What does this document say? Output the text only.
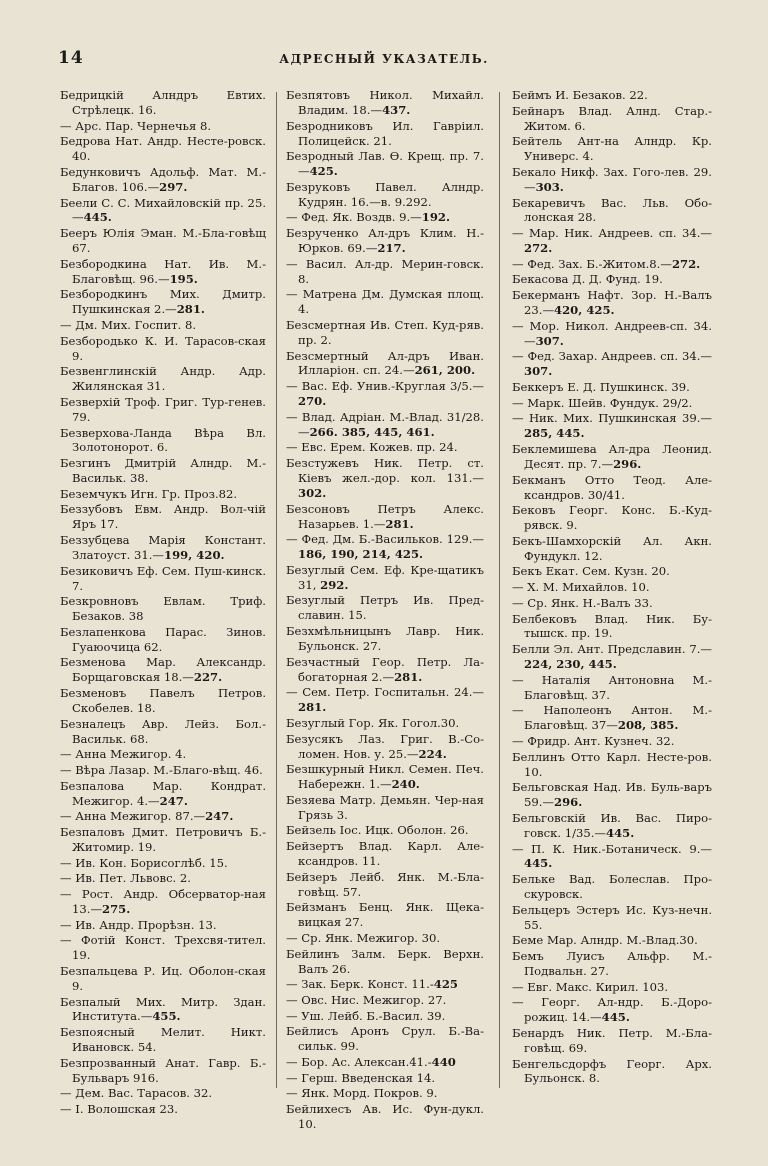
14	АДРЕСНЫЙ УКАЗАТЕЛЬ.

Бедрицкій Алндръ Евтих. Стрѣлецк. 16.

— Арс. Пар. Чернечья 8.

Бедрова Нат. Андр. Несте-ровск. 40.

Бедунковичъ Адольф. Мат. М.-Благов. 106.—297.

Беели С. С. Михайловскій пр. 25.—445.

Бееръ Юлія Эман. М.-Бла-говѣщ 67.

Безбородкина Нат. Ив. М.-Благовѣщ. 96.—195.

Безбородкинъ Мих. Дмитр. Пушкинская 2.—281.

— Дм. Мих. Госпит. 8.

Безбородько К. И. Тарасов-ская 9.

Безвенглинскій Андр. Адр. Жилянская 31.

Безверхій Троф. Григ. Тур-генев. 79.

Безверхова-Ланда Вѣра Вл. Золотонорот. 6.

Безгинъ Дмитрій Алндр. М.-Васильк. 38.

Беземчукъ Игн. Гр. Проз.82.

Беззубовъ Евм. Андр. Вол-чій Яръ 17.

Беззубцева Марія Констант. Златоуст. 31.—199, 420.

Безиковичъ Еф. Сем. Пуш-кинск. 7.

Безкровновъ Евлам. Триф. Безаков. 38

Безлапенкова Парас. Зинов. Гуаюочица 62.

Безменова Мар. Александр. Борщаговская 18.—227.

Безменовъ Павелъ Петров. Скобелев. 18.

Безналецъ Авр. Лейз. Бол.-Васильк. 68.

— Анна Межигор. 4.

— Вѣра Лазар. М.-Благо-вѣщ. 46.

Безпалова Мар. Кондрат. Межигор. 4.—247.

— Анна Межигор. 87.—247.

Безпаловъ Дмит. Петровичъ Б.-Житомир. 19.

— Ив. Кон. Борисоглѣб. 15.

— Ив. Пет. Львовс. 2.

— Рост. Андр. Обсерватор-ная 13.—275.

— Ив. Андр. Прорѣзн. 13.

— Фотій Конст. Трехсвя-тител. 19.

Безпальцева Р. Иц. Оболон-ская 9.

Безпалый Мих. Митр. Здан. Института.—455.

Безпоясный Мелит. Никт. Ивановск. 54.

Безпрозванный Анат. Гавр. Б.-Бульваръ 916.

— Дем. Вас. Тарасов. 32.

— I. Волошская 23.

Безпятовъ Никол. Михайл. Владим. 18.—437.

Безродниковъ Ил. Гаврiил. Полицейск. 21.

Безродный Лав. Ѳ. Крещ. пр. 7.—425.

Безруковъ Павел. Алндр. Кудрян. 16.—в. 9.292.

— Фед. Як. Воздв. 9.—192.

Безрученко Ал-дръ Клим. Н.-Юрков. 69.—217.

— Васил. Ал-др. Мерин-говск. 8.

— Матрена Дм. Думская площ. 4.

Безсмертная Ив. Степ. Куд-ряв. пр. 2.

Безсмертный Ал-дръ Иван. Илларіон. сп. 24.—261, 200.

— Вас. Еф. Унив.-Круглая 3/5.—270.

— Влад. Адріан. М.-Влад. 31/28.—266. 385, 445, 461.

— Евс. Ерем. Кожев. пр. 24.

Безстужевъ Ник. Петр. ст. Кіевъ жел.-дор. кол. 131.—302.

Безсоновъ Петръ Алекс. Назарьев. 1.—281.

— Фед. Дм. Б.-Васильков. 129.—186, 190, 214, 425.

Безуглый Сем. Еф. Кре-щатикъ 31, 292.

Безуглый Петръ Ив. Пред-славин. 15.

Безхмѣльницынъ Лавр. Ник. Бульонск. 27.

Безчастный Геор. Петр. Ла-богаторная 2.—281.

— Сем. Петр. Госпитальн. 24.—281.

Безуглый Гор. Як. Гогол.30.

Безусякъ Лаз. Григ. В.-Со-ломен. Нов. у. 25.—224.

Безшкурный Никл. Семен. Печ. Набережн. 1.—240.

Безяева Матр. Демьян. Чер-ная Грязь 3.

Бейзель Іос. Ицк. Оболон. 26.

Бейзертъ Влад. Карл. Але-ксандров. 11.

Бейзеръ Лейб. Янк. М.-Бла-говѣщ. 57.

Бейзманъ Бенц. Янк. Щека-вицкая 27.

— Ср. Янк. Межигор. 30.

Бейлинъ Залм. Берк. Верхн. Валъ 26.

— Зак. Берк. Конст. 11.-425

— Овс. Нис. Межигор. 27.

— Уш. Лейб. Б.-Васил. 39.

Бейлисъ Аронъ Срул. Б.-Ва-сильк. 99.

— Бор. Ас. Алексан.41.-440

— Герш. Введенская 14.

— Янк. Морд. Покров. 9.

Бейлихесъ Ав. Ис. Фун-дукл. 10.

Беймъ И. Безаков. 22.

Бейнаръ Влад. Алнд. Стар.-Житом. 6.

Бейтель Ант-на Алндр. Кр. Универс. 4.

Бекало Никф. Зах. Гого-лев. 29.—303.

Бекаревичъ Вас. Льв. Обо-лонская 28.

— Мар. Ник. Андреев. сп. 34.—272.

— Фед. Зах. Б.-Житом.8.—272.

Бекасова Д. Д. Фунд. 19.

Бекерманъ Нафт. Зор. Н.-Валъ 23.—420, 425.

— Мор. Никол. Андреев-сп. 34.—307.

— Фед. Захар. Андреев. сп. 34.—307.

Беккеръ Е. Д. Пушкинск. 39.

— Марк. Шейв. Фундук. 29/2.

— Ник. Мих. Пушкинская 39.—285, 445.

Беклемишева Ал-дра Леонид. Десят. пр. 7.—296.

Бекманъ Отто Теод. Але-ксандров. 30/41.

Бековъ Георг. Конс. Б.-Куд-рявск. 9.

Бекъ-Шамхорскій Ал. Акн. Фундукл. 12.

Бекъ Екат. Сем. Кузн. 20.

— Х. М. Михайлов. 10.

— Ср. Янк. Н.-Валъ 33.

Белбековъ Влад. Ник. Бу-тышск. пр. 19.

Белли Эл. Ант. Предславин. 7.—224, 230, 445.

— Наталія Антоновна М.-Благовѣщ. 37.

— Наполеонъ Антон. М.-Благовѣщ. 37—208, 385.

— Фридр. Ант. Кузнеч. 32.

Беллинъ Отто Карл. Несте-ров. 10.

Бельговская Над. Ив. Буль-варъ 59.—296.

Бельговскій Ив. Вас. Пиро-говск. 1/35.—445.

— П. К. Ник.-Ботаническ. 9.—445.

Бельке Вад. Болеслав. Про-скуровск.

Бельцеръ Эстеръ Ис. Куз-нечн. 55.

Беме Мар. Алндр. М.-Влад.30.

Бемъ Луисъ Альфр. М.-Подвальн. 27.

— Евг. Макс. Кирил. 103.

— Георг. Ал-ндр. Б.-Доро-рожиц. 14.—445.

Бенардъ Ник. Петр. М.-Бла-говѣщ. 69.

Бенгельсдорфъ Георг. Арх. Бульонск. 8.
